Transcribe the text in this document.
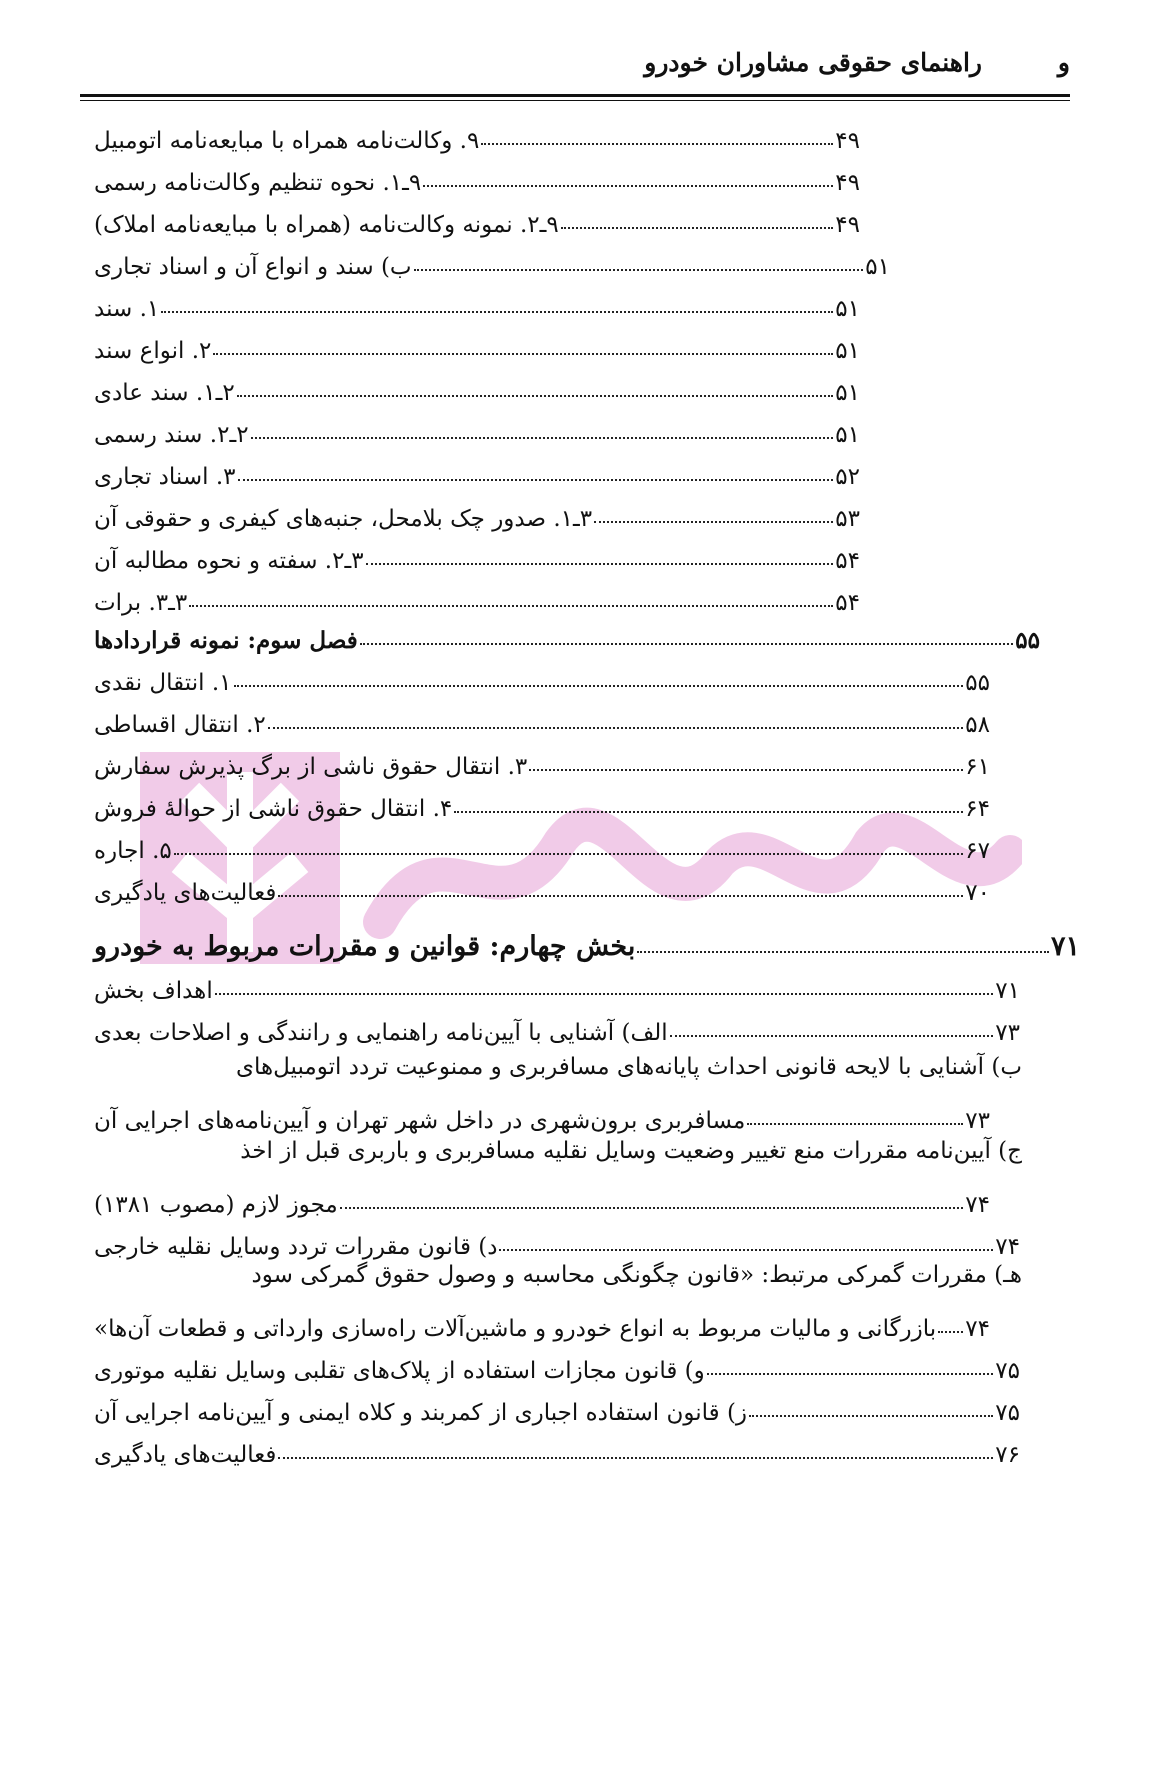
راهنمای حقوقی مشاوران خودرو	و
۹. وکالت‌نامه همراه با مبایعه‌نامه اتومبیل	۴۹
۹ـ۱. نحوه تنظیم وکالت‌نامه رسمی	۴۹
۹ـ۲. نمونه وکالت‌نامه (همراه با مبایعه‌نامه املاک)	۴۹
ب) سند و انواع آن و اسناد تجاری	۵۱
۱. سند	۵۱
۲. انواع سند	۵۱
۲ـ۱. سند عادی	۵۱
۲ـ۲. سند رسمی	۵۱
۳. اسناد تجاری	۵۲
۳ـ۱. صدور چک بلامحل، جنبه‌های کیفری و حقوقی آن	۵۳
۳ـ۲. سفته و نحوه مطالبه آن	۵۴
۳ـ۳. برات	۵۴
فصل سوم: نمونه قراردادها	۵۵
۱. انتقال نقدی	۵۵
۲. انتقال اقساطی	۵۸
۳. انتقال حقوق ناشی از برگ پذیرش سفارش	۶۱
۴. انتقال حقوق ناشی از حوالهٔ فروش	۶۴
۵. اجاره	۶۷
فعالیت‌های یادگیری	۷۰
بخش چهارم: قوانین و مقررات مربوط به خودرو	۷۱
اهداف بخش	۷۱
الف) آشنایی با آیین‌نامه راهنمایی و رانندگی و اصلاحات بعدی	۷۳
ب) آشنایی با لایحه قانونی احداث پایانه‌های مسافربری و ممنوعیت تردد اتومبیل‌های
مسافربری برون‌شهری در داخل شهر تهران و آیین‌نامه‌های اجرایی آن	۷۳
ج) آیین‌نامه مقررات منع تغییر وضعیت وسایل نقلیه مسافربری و باربری قبل از اخذ
مجوز لازم (مصوب ۱۳۸۱)	۷۴
د) قانون مقررات تردد وسایل نقلیه خارجی	۷۴
هـ) مقررات گمرکی مرتبط: «قانون چگونگی محاسبه و وصول حقوق گمرکی سود
بازرگانی و مالیات مربوط به انواع خودرو و ماشین‌آلات راه‌سازی وارداتی و قطعات آن‌ها» ۷۴
و) قانون مجازات استفاده از پلاک‌های تقلبی وسایل نقلیه موتوری	۷۵
ز) قانون استفاده اجباری از کمربند و کلاه ایمنی و آیین‌نامه اجرایی آن	۷۵
فعالیت‌های یادگیری	۷۶
